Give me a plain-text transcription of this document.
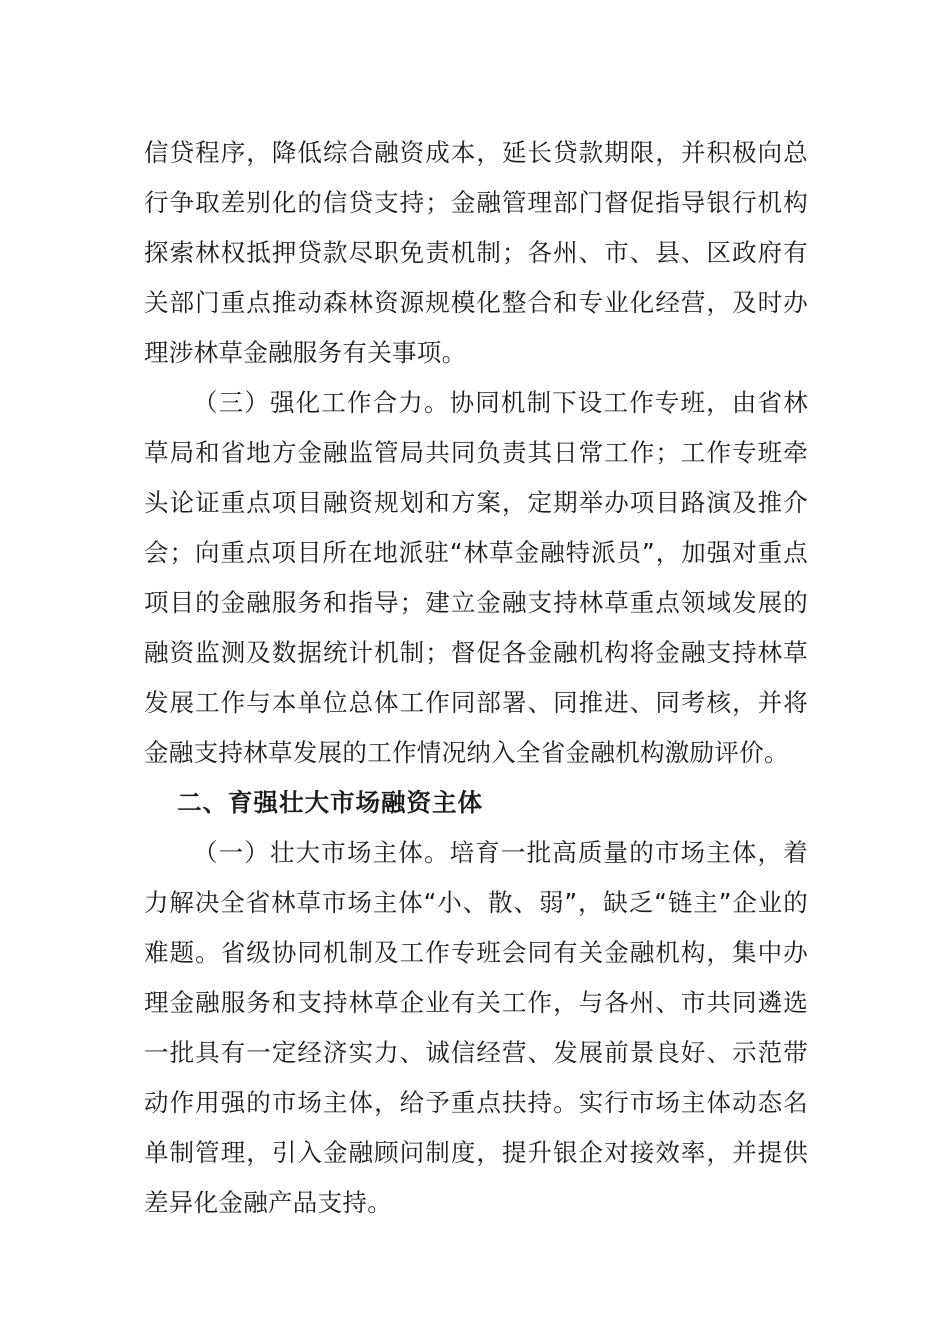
信贷程序，降低综合融资成本，延长贷款期限，并积极向总行争取差别化的信贷支持；金融管理部门督促指导银行机构探索林权抵押贷款尽职免责机制；各州、市、县、区政府有关部门重点推动森林资源规模化整合和专业化经营，及时办理涉林草金融服务有关事项。

（三）强化工作合力。协同机制下设工作专班，由省林草局和省地方金融监管局共同负责其日常工作；工作专班牵头论证重点项目融资规划和方案，定期举办项目路演及推介会；向重点项目所在地派驻“林草金融特派员”，加强对重点项目的金融服务和指导；建立金融支持林草重点领域发展的融资监测及数据统计机制；督促各金融机构将金融支持林草发展工作与本单位总体工作同部署、同推进、同考核，并将金融支持林草发展的工作情况纳入全省金融机构激励评价。

二、育强壮大市场融资主体

（一）壮大市场主体。培育一批高质量的市场主体，着力解决全省林草市场主体“小、散、弱”，缺乏“链主”企业的难题。省级协同机制及工作专班会同有关金融机构，集中办理金融服务和支持林草企业有关工作，与各州、市共同遴选一批具有一定经济实力、诚信经营、发展前景良好、示范带动作用强的市场主体，给予重点扶持。实行市场主体动态名单制管理，引入金融顾问制度，提升银企对接效率，并提供差异化金融产品支持。
